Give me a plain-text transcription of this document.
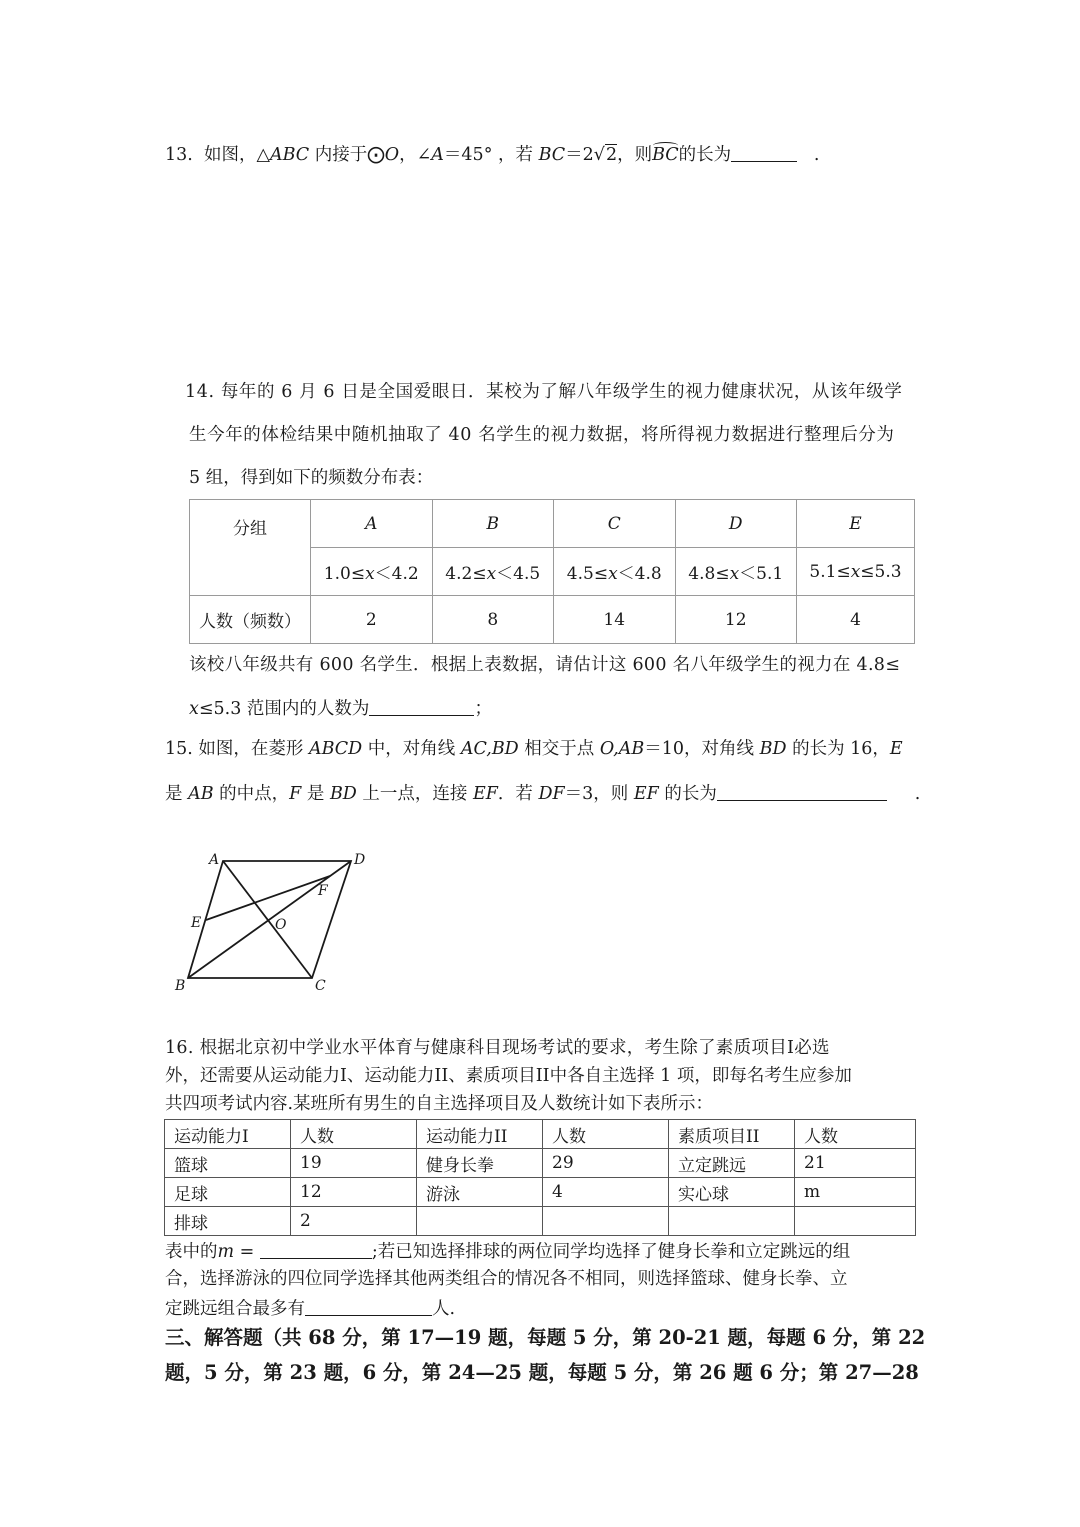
13. 如图，△ABC 内接于⨀O，∠A＝45° ，若 BC＝2√2，则BC的长为	.
14. 每年的 6 月 6 日是全国爱眼日．某校为了解八年级学生的视力健康状况，从该年级学
生今年的体检结果中随机抽取了 40 名学生的视力数据，将所得视力数据进行整理后分为
5 组，得到如下的频数分布表：
分组	A	B	C	D	E
	1.0≤x＜4.2	4.2≤x＜4.5	4.5≤x＜4.8	4.8≤x＜5.1	5.1≤x≤5.3
人数（频数）	2	8	14	12	4
该校八年级共有 600 名学生．根据上表数据，请估计这 600 名八年级学生的视力在 4.8≤
x≤5.3 范围内的人数为	；
15. 如图，在菱形 ABCD 中，对角线 AC,BD 相交于点 O,AB＝10，对角线 BD 的长为 16，E
是 AB 的中点，F 是 BD 上一点，连接 EF．若 DF＝3，则 EF 的长为	.
A	D
F
E	O
B	C
16. 根据北京初中学业水平体育与健康科目现场考试的要求，考生除了素质项目Ⅰ必选
外，还需要从运动能力Ⅰ、运动能力II、素质项目II中各自主选择 1 项，即每名考生应参加
共四项考试内容.某班所有男生的自主选择项目及人数统计如下表所示：
运动能力Ⅰ	人数	运动能力II	人数	素质项目II	人数
篮球	19	健身长拳	29	立定跳远	21
足球	12	游泳	4	实心球	m
排球	2				
表中的m =	;若已知选择排球的两位同学均选择了健身长拳和立定跳远的组
合，选择游泳的四位同学选择其他两类组合的情况各不相同，则选择篮球、健身长拳、立
定跳远组合最多有	人.
三、解答题（共 68 分，第 17—19 题，每题 5 分，第 20-21 题，每题 6 分，第 22
题，5 分，第 23 题，6 分，第 24—25 题，每题 5 分，第 26 题 6 分；第 27—28
